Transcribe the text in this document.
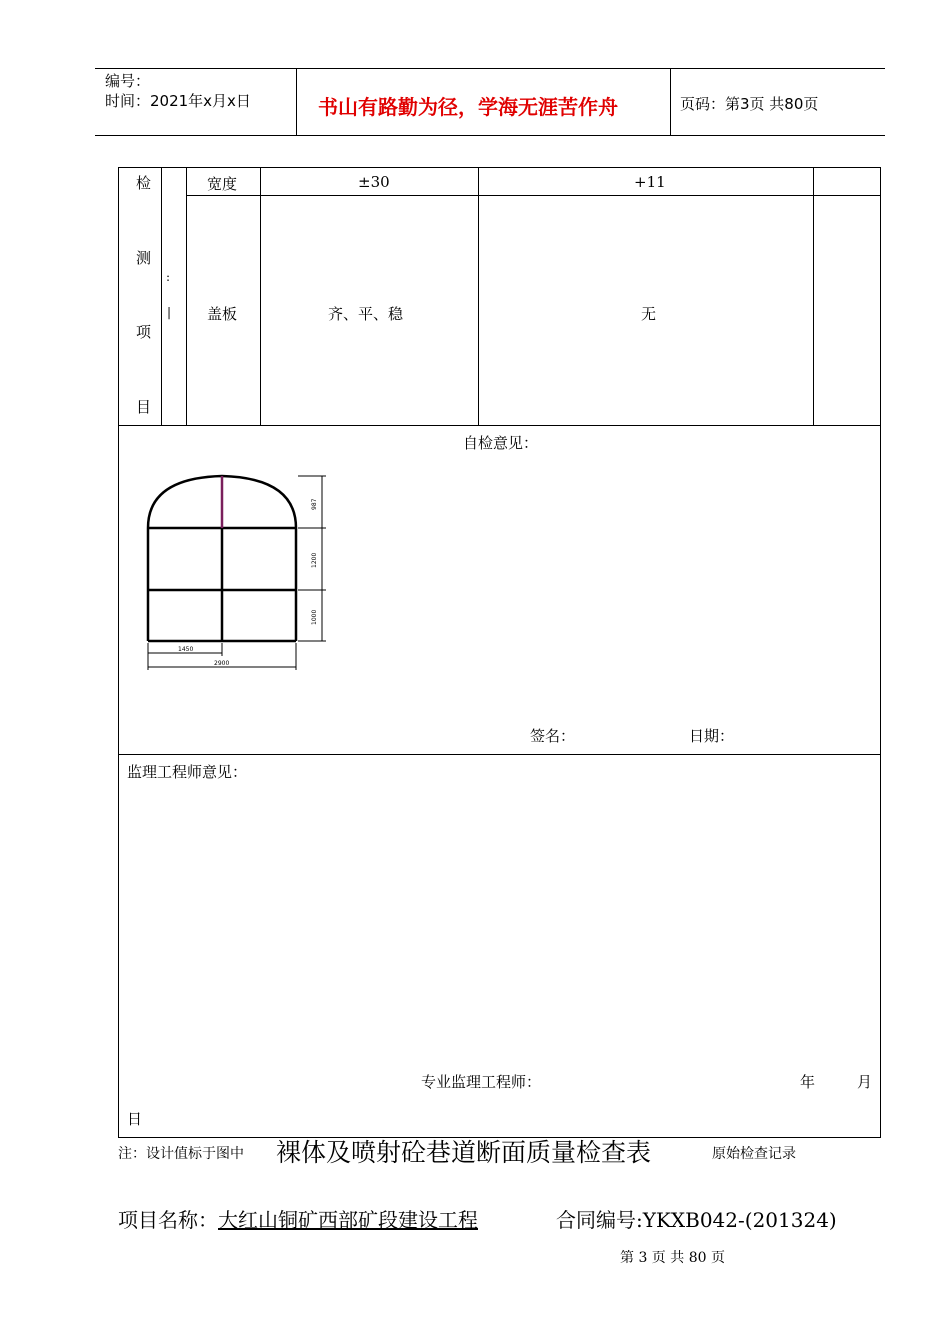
编号：
时间：2021年x月x日	书山有路勤为径，学海无涯苦作舟	页码：第3页 共80页
检
测
项
目
:
|
宽度	±30	+11
盖板	齐、平、稳	无
自检意见：
987
1200
1000
1450
2900
签名：	日期：
监理工程师意见：
专业监理工程师：	年	月
日
注：设计值标于图中	原始检查记录
裸体及喷射砼巷道断面质量检查表
项目名称：大红山铜矿西部矿段建设工程	合同编号:YKXB042-(201324)
第 3 页 共 80 页
